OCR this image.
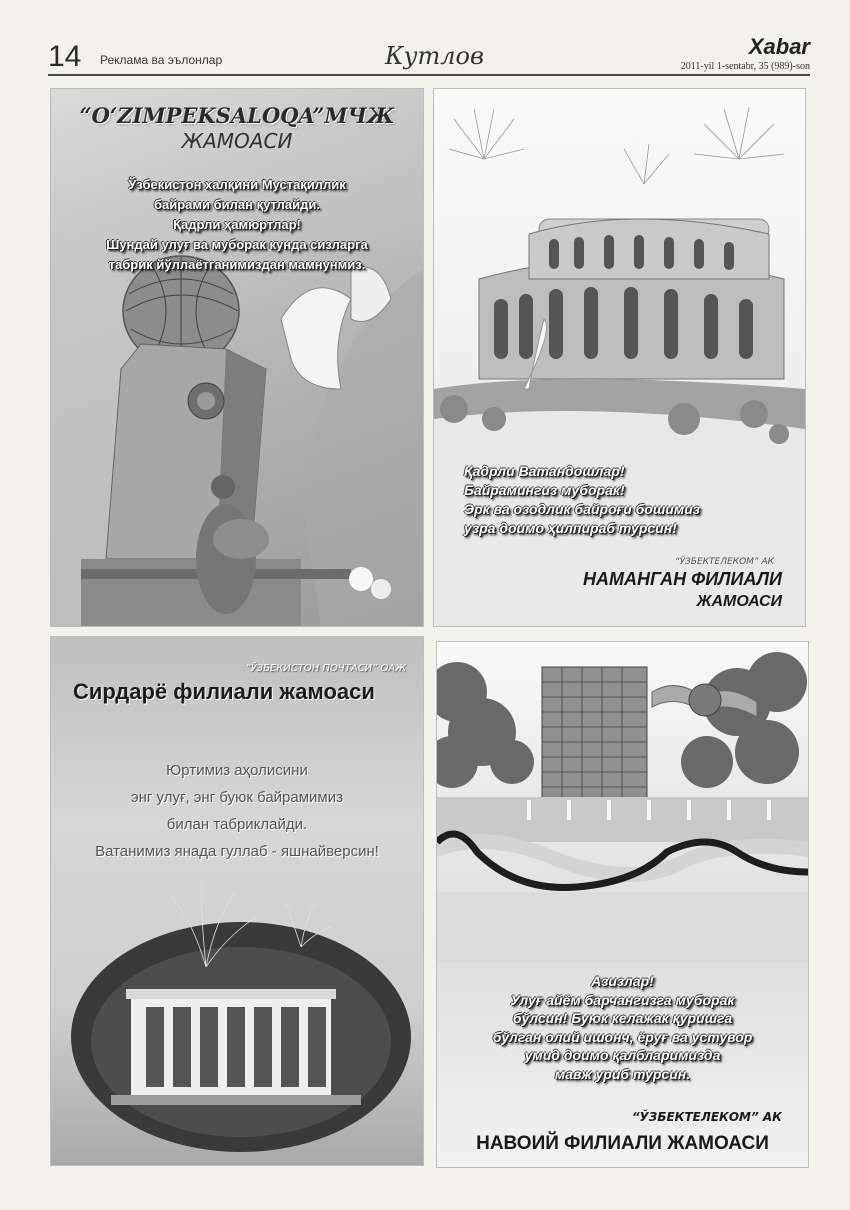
14 Реклама ва эълонлар	Кутлов	Xabar
2011-yil 1-sentabr, 35 (989)-son
“O‘ZIMPEKSALOQA”МЧЖ
ЖАМОАСИ
Ўзбекистон халқини Мустақиллик
байрами билан қутлайди.
Қадрли ҳамюртлар!
Шундай улуғ ва муборак кунда сизларга
табрик йўллаётганимиздан мамнунмиз.
Қадрли Ватандошлар!
Байрамингиз муборак!
Эрк ва озодлик байроғи бошимиз
узра доимо ҳилпираб турсин!
“ЎЗБЕКТЕЛЕКОМ” АК
НАМАНГАН ФИЛИАЛИ
ЖАМОАСИ
“ЎЗБЕКИСТОН ПОЧТАСИ” ОАЖ
Сирдарё филиали жамоаси
Юртимиз аҳолисини
энг улуғ, энг буюк байрамимиз
билан табриклайди.
Ватанимиз янада гуллаб - яшнайверсин!
Азизлар!
Улуғ айём барчангизга муборак
бўлсин! Буюк келажак қуришга
бўлган олий ишонч, ёруғ ва устувор
умид доимо қалбларимизда
мавж уриб турсин.
“ЎЗБЕКТЕЛЕКОМ” АК
НАВОИЙ ФИЛИАЛИ ЖАМОАСИ
